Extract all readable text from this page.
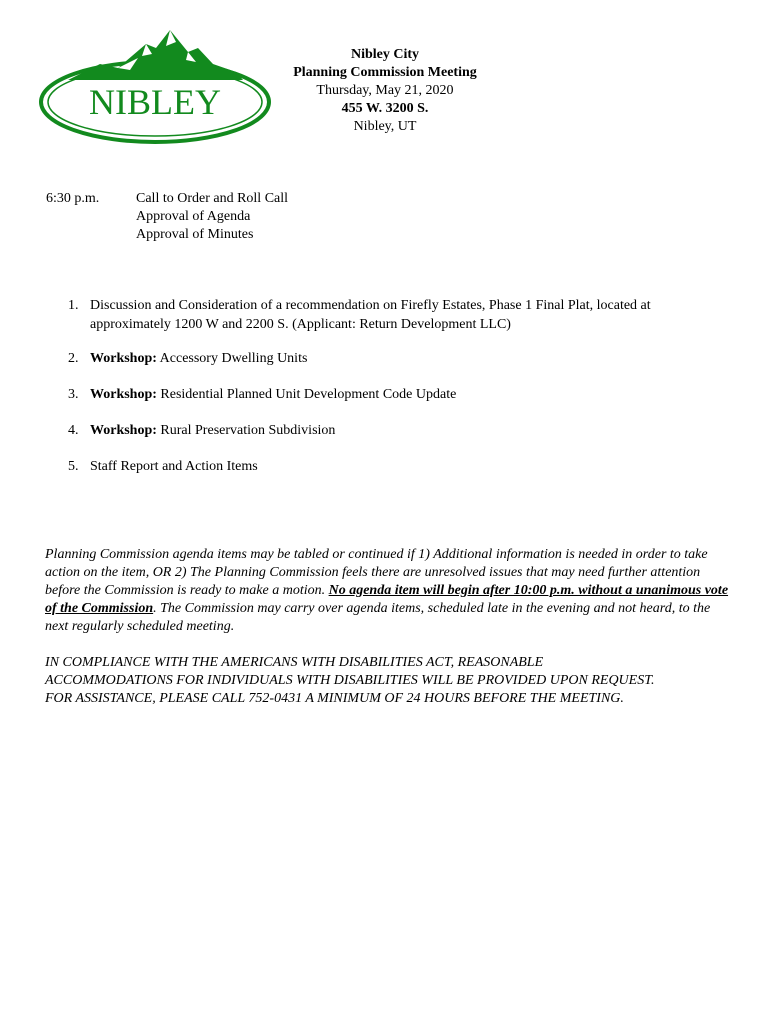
NIBLEY
Nibley City
Planning Commission Meeting
Thursday, May 21, 2020
455 W. 3200 S.
Nibley, UT
6:30 p.m.	Call to Order and Roll Call
Approval of Agenda
Approval of Minutes
1. Discussion and Consideration of a recommendation on Firefly Estates, Phase 1 Final Plat, located at approximately 1200 W and 2200 S. (Applicant: Return Development LLC)
2. Workshop: Accessory Dwelling Units
3. Workshop: Residential Planned Unit Development Code Update
4. Workshop: Rural Preservation Subdivision
5. Staff Report and Action Items
Planning Commission agenda items may be tabled or continued if 1) Additional information is needed in order to take action on the item, OR 2) The Planning Commission feels there are unresolved issues that may need further attention before the Commission is ready to make a motion. No agenda item will begin after 10:00 p.m. without a unanimous vote of the Commission. The Commission may carry over agenda items, scheduled late in the evening and not heard, to the next regularly scheduled meeting.
IN COMPLIANCE WITH THE AMERICANS WITH DISABILITIES ACT, REASONABLE
ACCOMMODATIONS FOR INDIVIDUALS WITH DISABILITIES WILL BE PROVIDED UPON REQUEST.
FOR ASSISTANCE, PLEASE CALL 752-0431 A MINIMUM OF 24 HOURS BEFORE THE MEETING.
